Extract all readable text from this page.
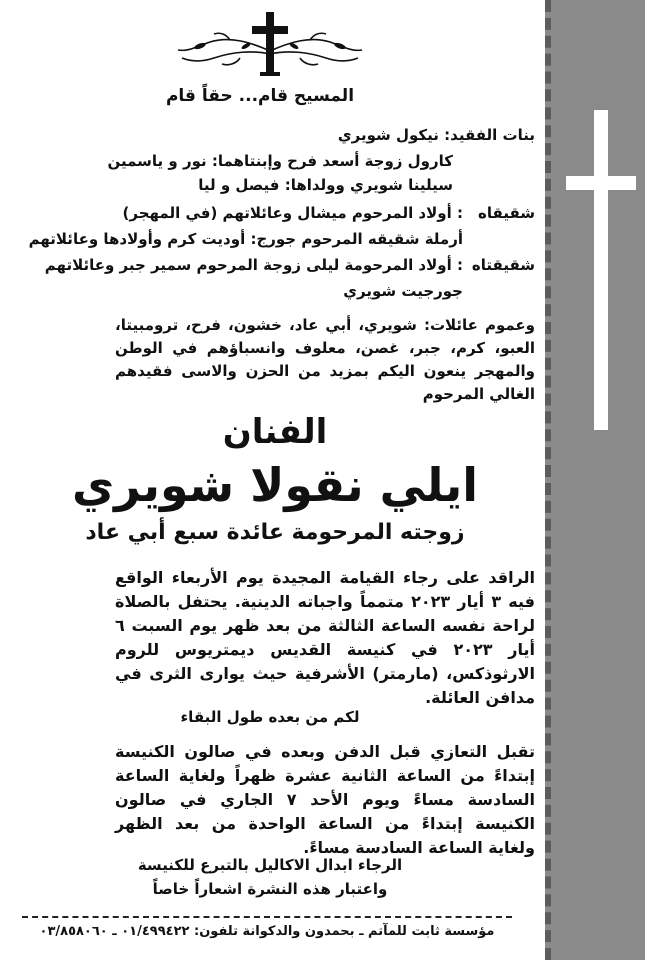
المسيح قام... حقاً قام
بنات الفقيد: نيكول شويري
كارول زوجة أسعد فرح وإبنتاهما: نور و ياسمين
سيلينا شويري وولداها: فيصل و ليا
شقيقاه
: أولاد المرحوم ميشال وعائلاتهم (في المهجر)
أرملة شقيقه المرحوم جورج: أوديت كرم وأولادها وعائلاتهم
شقيقتاه
: أولاد المرحومة ليلى زوجة المرحوم سمير جبر وعائلاتهم
جورجيت شويري
وعموم عائلات: شويري، أبي عاد، خشون، فرح، ترومبيتا، العبو، كرم، جبر، غصن، معلوف وانسباؤهم في الوطن والمهجر ينعون اليكم بمزيد من الحزن والاسى فقيدهم الغالي المرحوم
الفنان
ايلي نقولا شويري
زوجته المرحومة عائدة سبع أبي عاد
الراقد على رجاء القيامة المجيدة يوم الأربعاء الواقع فيه ٣ أيار ٢٠٢٣ متمماً واجباته الدينية. يحتفل بالصلاة لراحة نفسه الساعة الثالثة من بعد ظهر يوم السبت ٦ أيار ٢٠٢٣ في كنيسة القديس ديمتريوس للروم الارثوذكس، (مارمتر) الأشرفية حيث يوارى الثرى في مدافن العائلة.
لكم من بعده طول البقاء
تقبل التعازي قبل الدفن وبعده في صالون الكنيسة إبتداءً من الساعة الثانية عشرة ظهراً ولغاية الساعة السادسة مساءً ويوم الأحد ٧ الجاري في صالون الكنيسة إبتداءً من الساعة الواحدة من بعد الظهر ولغاية الساعة السادسة مساءً.
الرجاء ابدال الاكاليل بالتبرع للكنيسة
واعتبار هذه النشرة اشعاراً خاصاً
مؤسسة ثابت للمآتم ـ بحمدون والدكوانة تلفون: ٠١/٤٩٩٤٢٢ ـ ٠٣/٨٥٨٠٦٠
